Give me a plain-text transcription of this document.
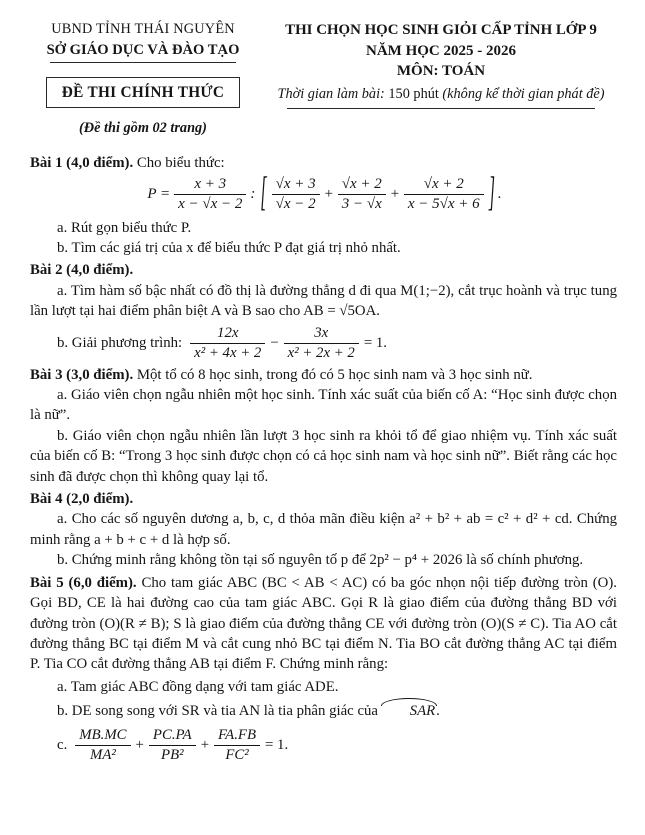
UBND TỈNH THÁI NGUYÊN
SỞ GIÁO DỤC VÀ ĐÀO TẠO
ĐỀ THI CHÍNH THỨC
(Đề thi gồm 02 trang)
THI CHỌN HỌC SINH GIỎI CẤP TỈNH LỚP 9
NĂM HỌC 2025 - 2026
MÔN: TOÁN
Thời gian làm bài: 150 phút (không kể thời gian phát đề)

Bài 1 (4,0 điểm). Cho biểu thức:

$P = \frac{x + 3}{x - √x - 2}$ : [ $\frac{√x + 3}{√x - 2} + \frac{√x + 2}{3 - √x} + \frac{√x + 2}{x - 5√x + 6}$ ] .

a. Rút gọn biểu thức P.

b. Tìm các giá trị của x để biểu thức P đạt giá trị nhỏ nhất.

Bài 2 (4,0 điểm).

a. Tìm hàm số bậc nhất có đồ thị là đường thẳng d đi qua M(1;−2), cắt trục hoành và trục tung lần lượt tại hai điểm phân biệt A và B sao cho AB = √5OA.

b. Giải phương trình: $\frac{12x}{\text{x² + 4x + 2}} - \frac{3x}{\text{x² + 2x + 2}} = 1$.

Bài 3 (3,0 điểm). Một tổ có 8 học sinh, trong đó có 5 học sinh nam và 3 học sinh nữ.

a. Giáo viên chọn ngẫu nhiên một học sinh. Tính xác suất của biến cố A: “Học sinh được chọn là nữ”.

b. Giáo viên chọn ngẫu nhiên lần lượt 3 học sinh ra khỏi tổ để giao nhiệm vụ. Tính xác suất của biến cố B: “Trong 3 học sinh được chọn có cả học sinh nam và học sinh nữ”. Biết rằng các học sinh đã được chọn thì không quay lại tổ.

Bài 4 (2,0 điểm).

a. Cho các số nguyên dương a, b, c, d thỏa mãn điều kiện a² + b² + ab = c² + d² + cd. Chứng minh rằng a + b + c + d là hợp số.

b. Chứng minh rằng không tồn tại số nguyên tố p để 2p² − p⁴ + 2026 là số chính phương.

Bài 5 (6,0 điểm). Cho tam giác ABC (BC < AB < AC) có ba góc nhọn nội tiếp đường tròn (O). Gọi BD, CE là hai đường cao của tam giác ABC. Gọi R là giao điểm của đường thẳng BD với đường tròn (O)(R ≠ B); S là giao điểm của đường thẳng CE với đường tròn (O)(S ≠ C). Tia AO cắt đường thẳng BC tại điểm M và cắt cung nhỏ BC tại điểm N. Tia BO cắt đường thẳng AC tại điểm P. Tia CO cắt đường thẳng AB tại điểm F. Chứng minh rằng:

a. Tam giác ABC đồng dạng với tam giác ADE.

b. DE song song với SR và tia AN là tia phân giác của SAR.

c. $\frac{MB.MC}{\text{MA²}} + \frac{PC.PA}{\text{PB²}} + \frac{FA.FB}{\text{FC²}} = 1$.
